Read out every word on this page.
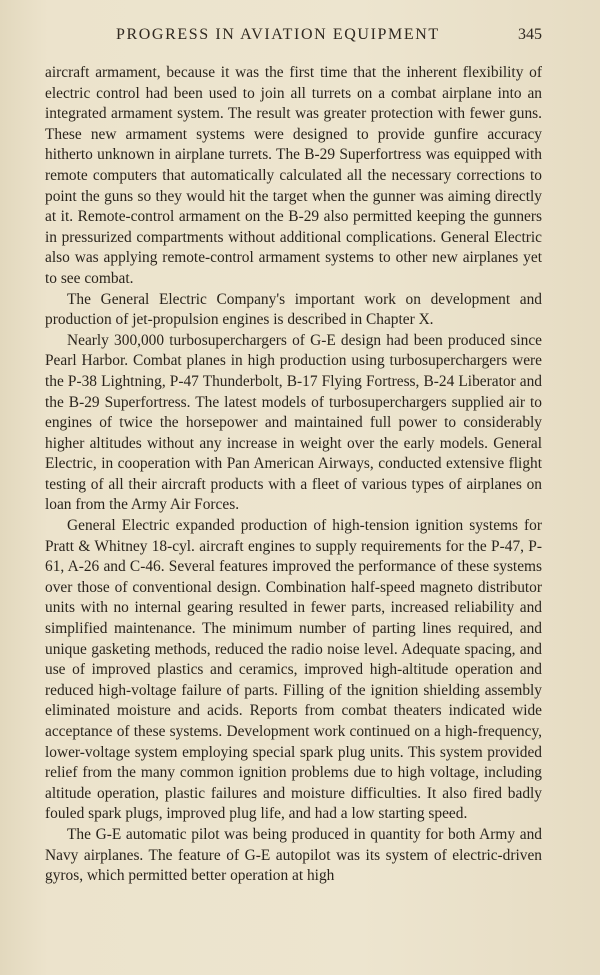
PROGRESS IN AVIATION EQUIPMENT	345

aircraft armament, because it was the first time that the inherent flexibility of electric control had been used to join all turrets on a combat airplane into an integrated armament system. The result was greater protection with fewer guns. These new armament systems were designed to provide gunfire accuracy hitherto unknown in airplane turrets. The B-29 Superfortress was equipped with remote computers that automatically calculated all the necessary corrections to point the guns so they would hit the target when the gunner was aiming directly at it. Remote-control armament on the B-29 also permitted keeping the gunners in pressurized compartments without additional complications. General Electric also was applying remote-control armament systems to other new airplanes yet to see combat.

The General Electric Company's important work on development and production of jet-propulsion engines is described in Chapter X.

Nearly 300,000 turbosuperchargers of G-E design had been produced since Pearl Harbor. Combat planes in high production using turbosuperchargers were the P-38 Lightning, P-47 Thunderbolt, B-17 Flying Fortress, B-24 Liberator and the B-29 Superfortress. The latest models of turbosuperchargers supplied air to engines of twice the horsepower and maintained full power to considerably higher altitudes without any increase in weight over the early models. General Electric, in cooperation with Pan American Airways, conducted extensive flight testing of all their aircraft products with a fleet of various types of airplanes on loan from the Army Air Forces.

General Electric expanded production of high-tension ignition systems for Pratt & Whitney 18-cyl. aircraft engines to supply requirements for the P-47, P-61, A-26 and C-46. Several features improved the performance of these systems over those of conventional design. Combination half-speed magneto distributor units with no internal gearing resulted in fewer parts, increased reliability and simplified maintenance. The minimum number of parting lines required, and unique gasketing methods, reduced the radio noise level. Adequate spacing, and use of improved plastics and ceramics, improved high-altitude operation and reduced high-voltage failure of parts. Filling of the ignition shielding assembly eliminated moisture and acids. Reports from combat theaters indicated wide acceptance of these systems. Development work continued on a high-frequency, lower-voltage system employing special spark plug units. This system provided relief from the many common ignition problems due to high voltage, including altitude operation, plastic failures and moisture difficulties. It also fired badly fouled spark plugs, improved plug life, and had a low starting speed.

The G-E automatic pilot was being produced in quantity for both Army and Navy airplanes. The feature of G-E autopilot was its system of electric-driven gyros, which permitted better operation at high
